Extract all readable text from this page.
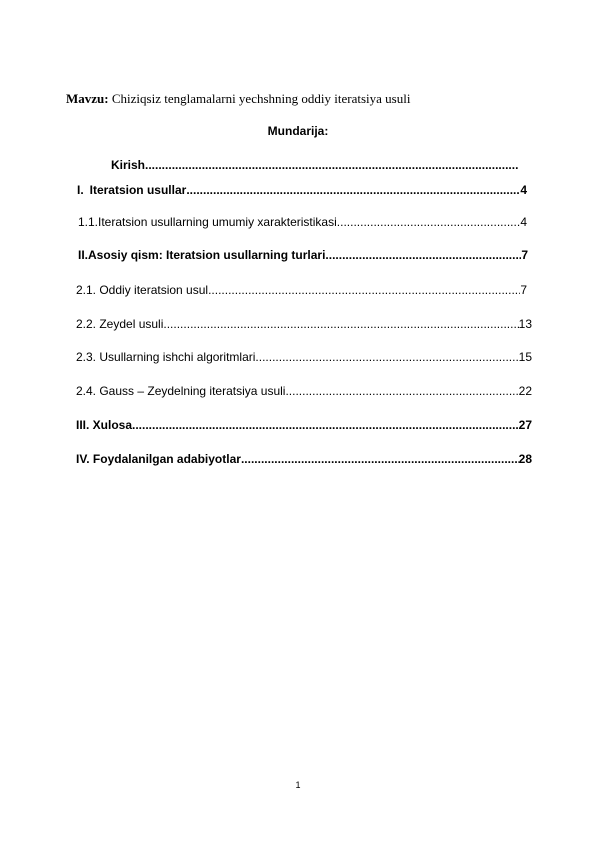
Mavzu: Chiziqsiz tenglamalarni yechshning oddiy iteratsiya usuli
Mundarija:
Kirish
.....
I. Iteratsion usullar .....	4
1.1. Iteratsion usullarning umumiy xarakteristikasi .....	4
II. Asosiy qism: Iteratsion usullarning turlari .....	7
2.1. Oddiy iteratsion usul .....	7
2.2. Zeydel usuli .....	13
2.3. Usullarning ishchi algoritmlari .....	15
2.4. Gauss – Zeydelning iteratsiya usuli .....	22
III. Xulosa .....	27
IV. Foydalanilgan adabiyotlar .....	28
1
